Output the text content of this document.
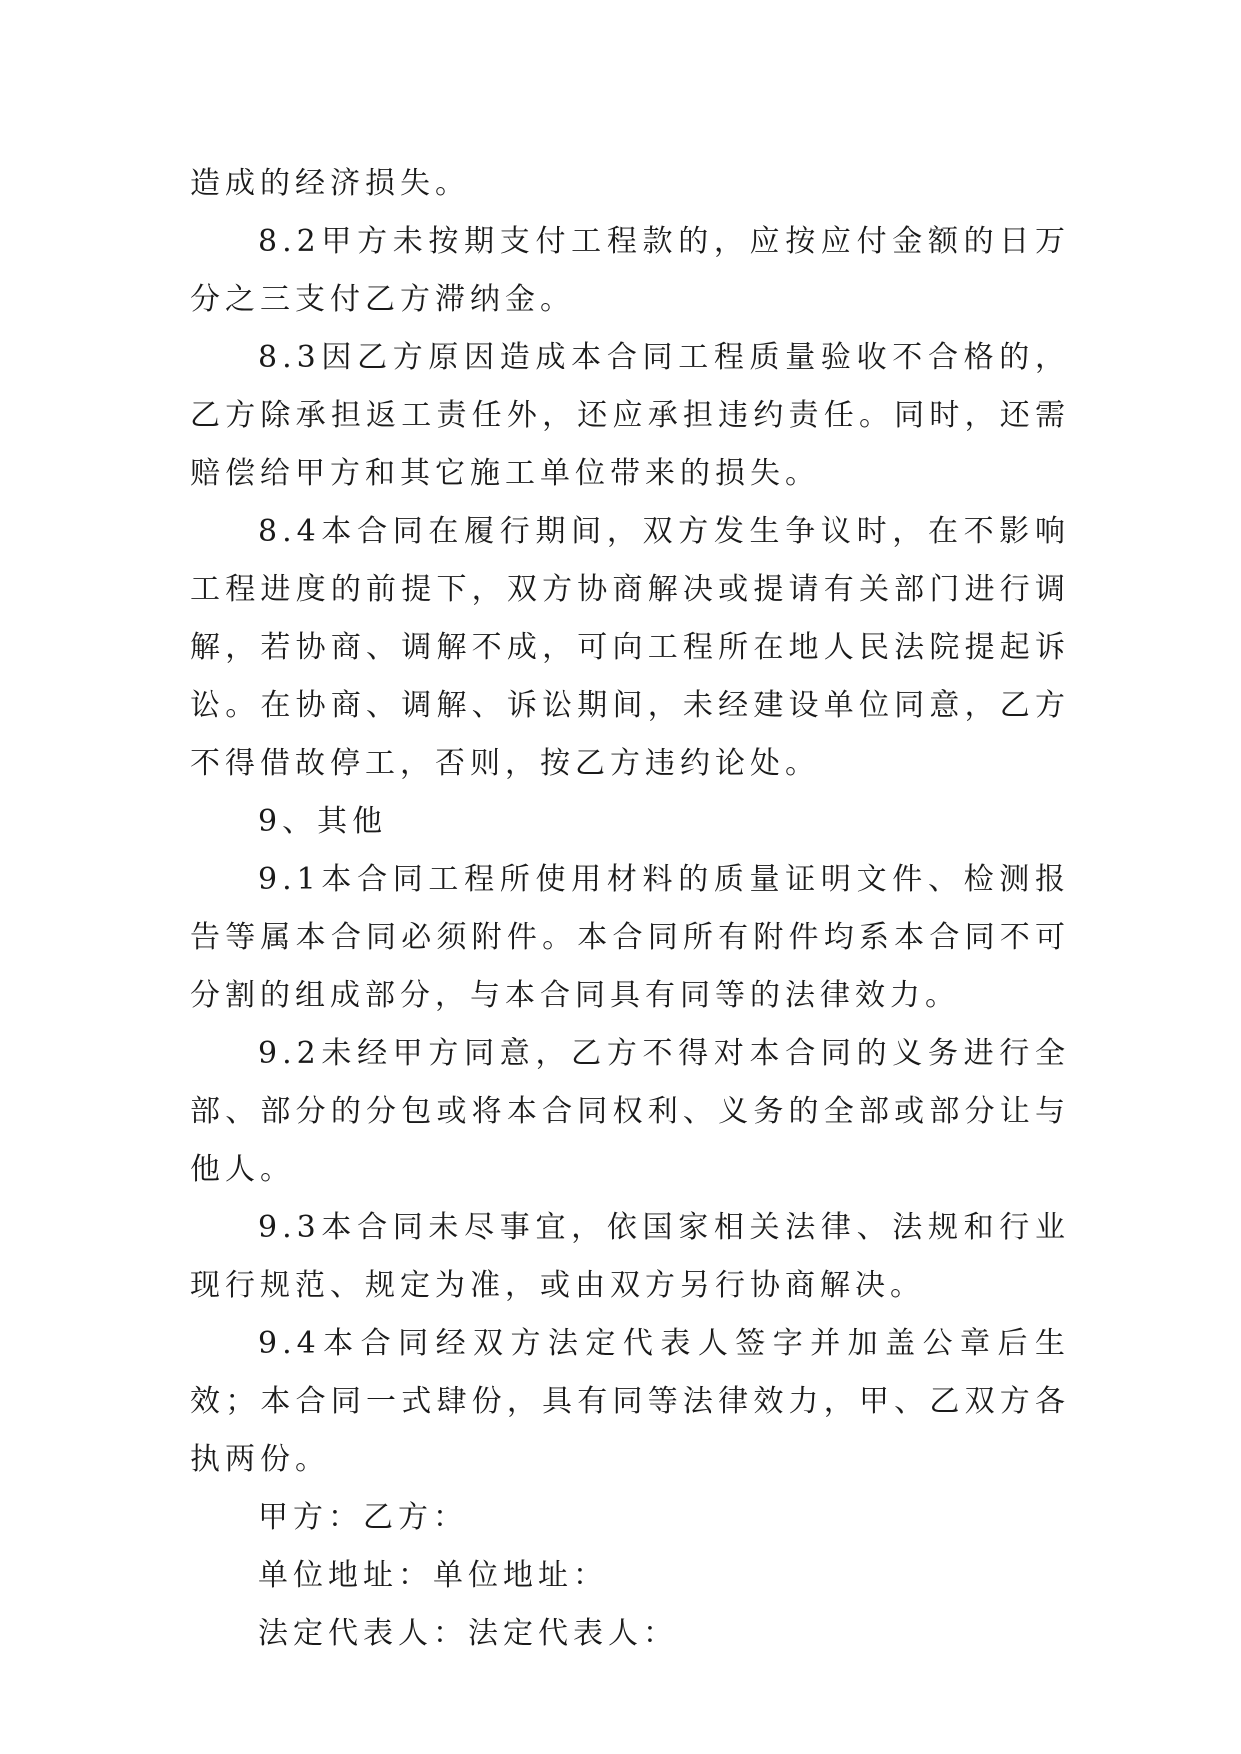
造成的经济损失。

8.2甲方未按期支付工程款的，应按应付金额的日万分之三支付乙方滞纳金。

8.3因乙方原因造成本合同工程质量验收不合格的，乙方除承担返工责任外，还应承担违约责任。同时，还需赔偿给甲方和其它施工单位带来的损失。

8.4本合同在履行期间，双方发生争议时，在不影响工程进度的前提下，双方协商解决或提请有关部门进行调解，若协商、调解不成，可向工程所在地人民法院提起诉讼。在协商、调解、诉讼期间，未经建设单位同意，乙方不得借故停工，否则，按乙方违约论处。

9、其他

9.1本合同工程所使用材料的质量证明文件、检测报告等属本合同必须附件。本合同所有附件均系本合同不可分割的组成部分，与本合同具有同等的法律效力。

9.2未经甲方同意，乙方不得对本合同的义务进行全部、部分的分包或将本合同权利、义务的全部或部分让与他人。

9.3本合同未尽事宜，依国家相关法律、法规和行业现行规范、规定为准，或由双方另行协商解决。

9.4本合同经双方法定代表人签字并加盖公章后生效；本合同一式肆份，具有同等法律效力，甲、乙双方各执两份。

甲方：乙方：

单位地址：单位地址：

法定代表人：法定代表人：
